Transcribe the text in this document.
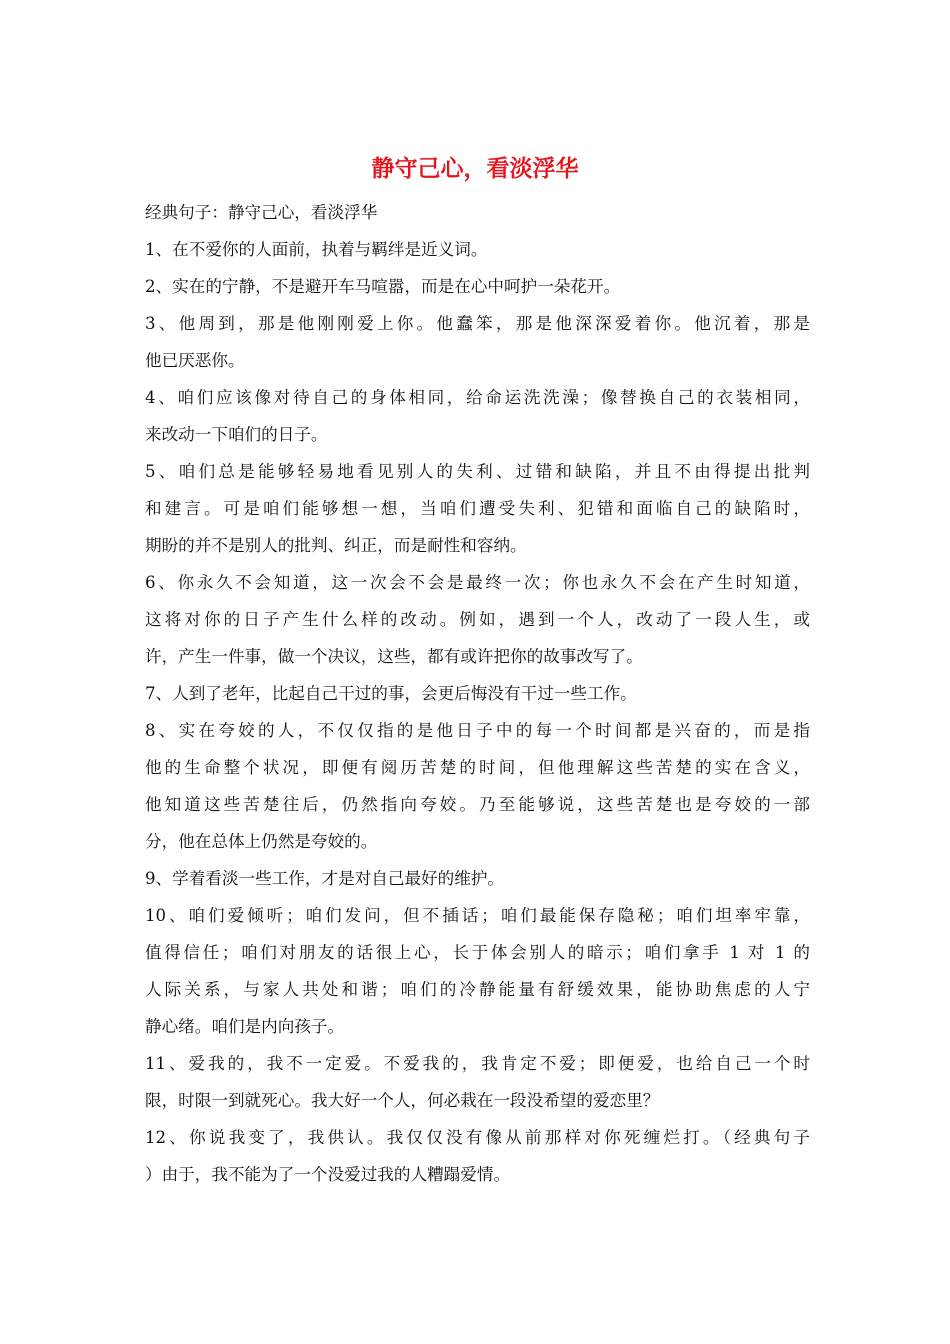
静守己心，看淡浮华
经典句子：静守己心，看淡浮华
1、在不爱你的人面前，执着与羁绊是近义词。
2、实在的宁静，不是避开车马喧嚣，而是在心中呵护一朵花开。
3、他周到，那是他刚刚爱上你。他蠢笨，那是他深深爱着你。他沉着，那是
他已厌恶你。
4、咱们应该像对待自己的身体相同，给命运洗洗澡；像替换自己的衣装相同，
来改动一下咱们的日子。
5、咱们总是能够轻易地看见别人的失利、过错和缺陷，并且不由得提出批判
和建言。可是咱们能够想一想，当咱们遭受失利、犯错和面临自己的缺陷时，
期盼的并不是别人的批判、纠正，而是耐性和容纳。
6、你永久不会知道，这一次会不会是最终一次；你也永久不会在产生时知道，
这将对你的日子产生什么样的改动。例如，遇到一个人，改动了一段人生，或
许，产生一件事，做一个决议，这些，都有或许把你的故事改写了。
7、人到了老年，比起自己干过的事，会更后悔没有干过一些工作。
8、实在夸姣的人，不仅仅指的是他日子中的每一个时间都是兴奋的，而是指
他的生命整个状况，即便有阅历苦楚的时间，但他理解这些苦楚的实在含义，
他知道这些苦楚往后，仍然指向夸姣。乃至能够说，这些苦楚也是夸姣的一部
分，他在总体上仍然是夸姣的。
9、学着看淡一些工作，才是对自己最好的维护。
10、咱们爱倾听；咱们发问，但不插话；咱们最能保存隐秘；咱们坦率牢靠，
值得信任；咱们对朋友的话很上心，长于体会别人的暗示；咱们拿手 1 对 1 的
人际关系，与家人共处和谐；咱们的冷静能量有舒缓效果，能协助焦虑的人宁
静心绪。咱们是内向孩子。
11、爱我的，我不一定爱。不爱我的，我肯定不爱；即便爱，也给自己一个时
限，时限一到就死心。我大好一个人，何必栽在一段没希望的爱恋里？
12、你说我变了，我供认。我仅仅没有像从前那样对你死缠烂打。（经典句子
）由于，我不能为了一个没爱过我的人糟蹋爱情。
